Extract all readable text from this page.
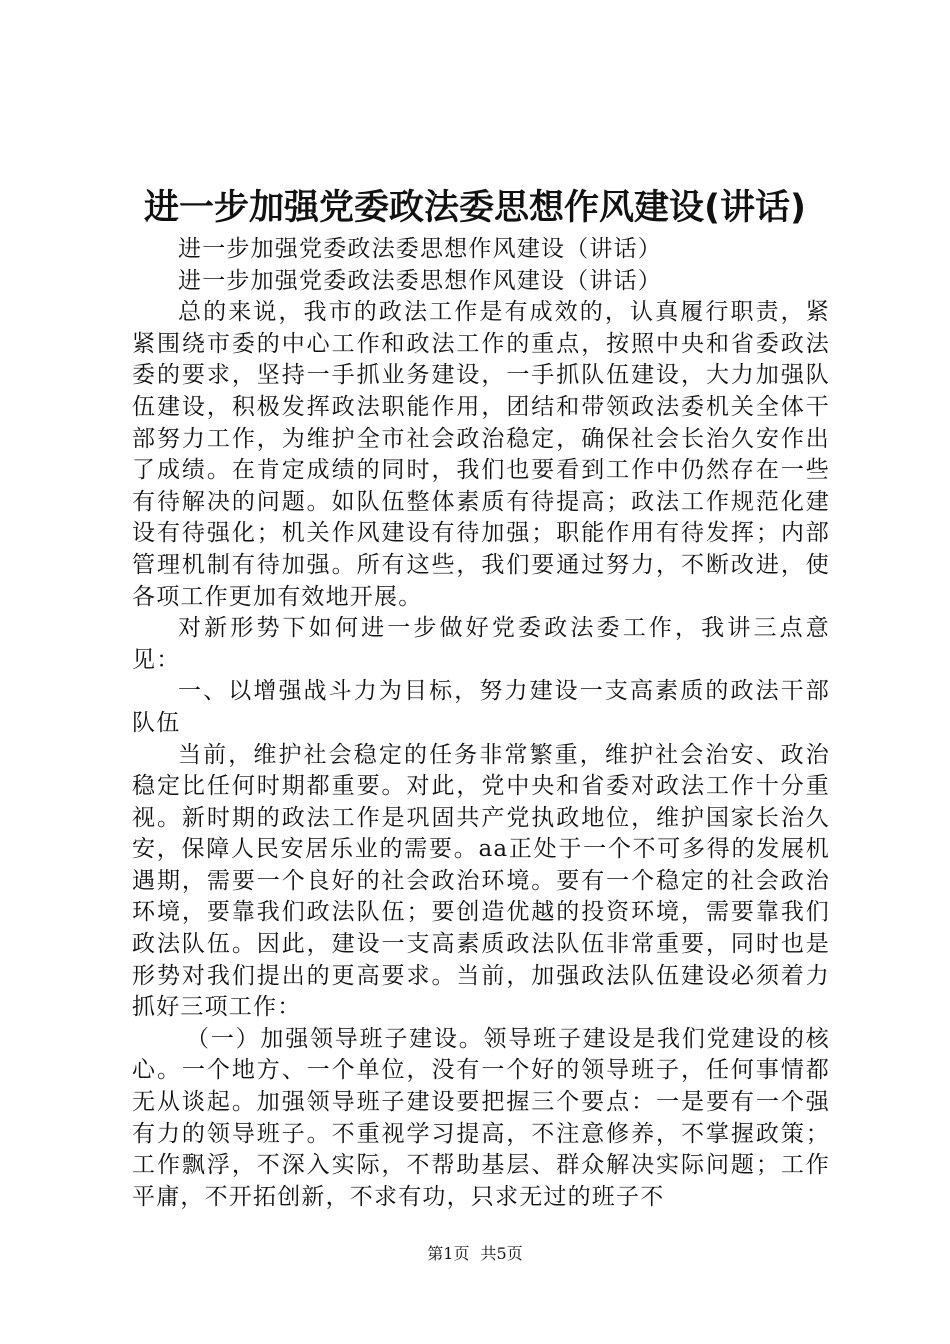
进一步加强党委政法委思想作风建设(讲话)

进一步加强党委政法委思想作风建设（讲话）

进一步加强党委政法委思想作风建设（讲话）

总的来说，我市的政法工作是有成效的，认真履行职责，紧紧围绕市委的中心工作和政法工作的重点，按照中央和省委政法委的要求，坚持一手抓业务建设，一手抓队伍建设，大力加强队伍建设，积极发挥政法职能作用，团结和带领政法委机关全体干部努力工作，为维护全市社会政治稳定，确保社会长治久安作出了成绩。在肯定成绩的同时，我们也要看到工作中仍然存在一些有待解决的问题。如队伍整体素质有待提高；政法工作规范化建设有待强化；机关作风建设有待加强；职能作用有待发挥；内部管理机制有待加强。所有这些，我们要通过努力，不断改进，使各项工作更加有效地开展。

对新形势下如何进一步做好党委政法委工作，我讲三点意见：

一、以增强战斗力为目标，努力建设一支高素质的政法干部队伍

当前，维护社会稳定的任务非常繁重，维护社会治安、政治稳定比任何时期都重要。对此，党中央和省委对政法工作十分重视。新时期的政法工作是巩固共产党执政地位，维护国家长治久安，保障人民安居乐业的需要。aa正处于一个不可多得的发展机遇期，需要一个良好的社会政治环境。要有一个稳定的社会政治环境，要靠我们政法队伍；要创造优越的投资环境，需要靠我们政法队伍。因此，建设一支高素质政法队伍非常重要，同时也是形势对我们提出的更高要求。当前，加强政法队伍建设必须着力抓好三项工作：

（一）加强领导班子建设。领导班子建设是我们党建设的核心。一个地方、一个单位，没有一个好的领导班子，任何事情都无从谈起。加强领导班子建设要把握三个要点：一是要有一个强有力的领导班子。不重视学习提高，不注意修养，不掌握政策；工作飘浮，不深入实际，不帮助基层、群众解决实际问题；工作平庸，不开拓创新，不求有功，只求无过的班子不

第1页 共5页
